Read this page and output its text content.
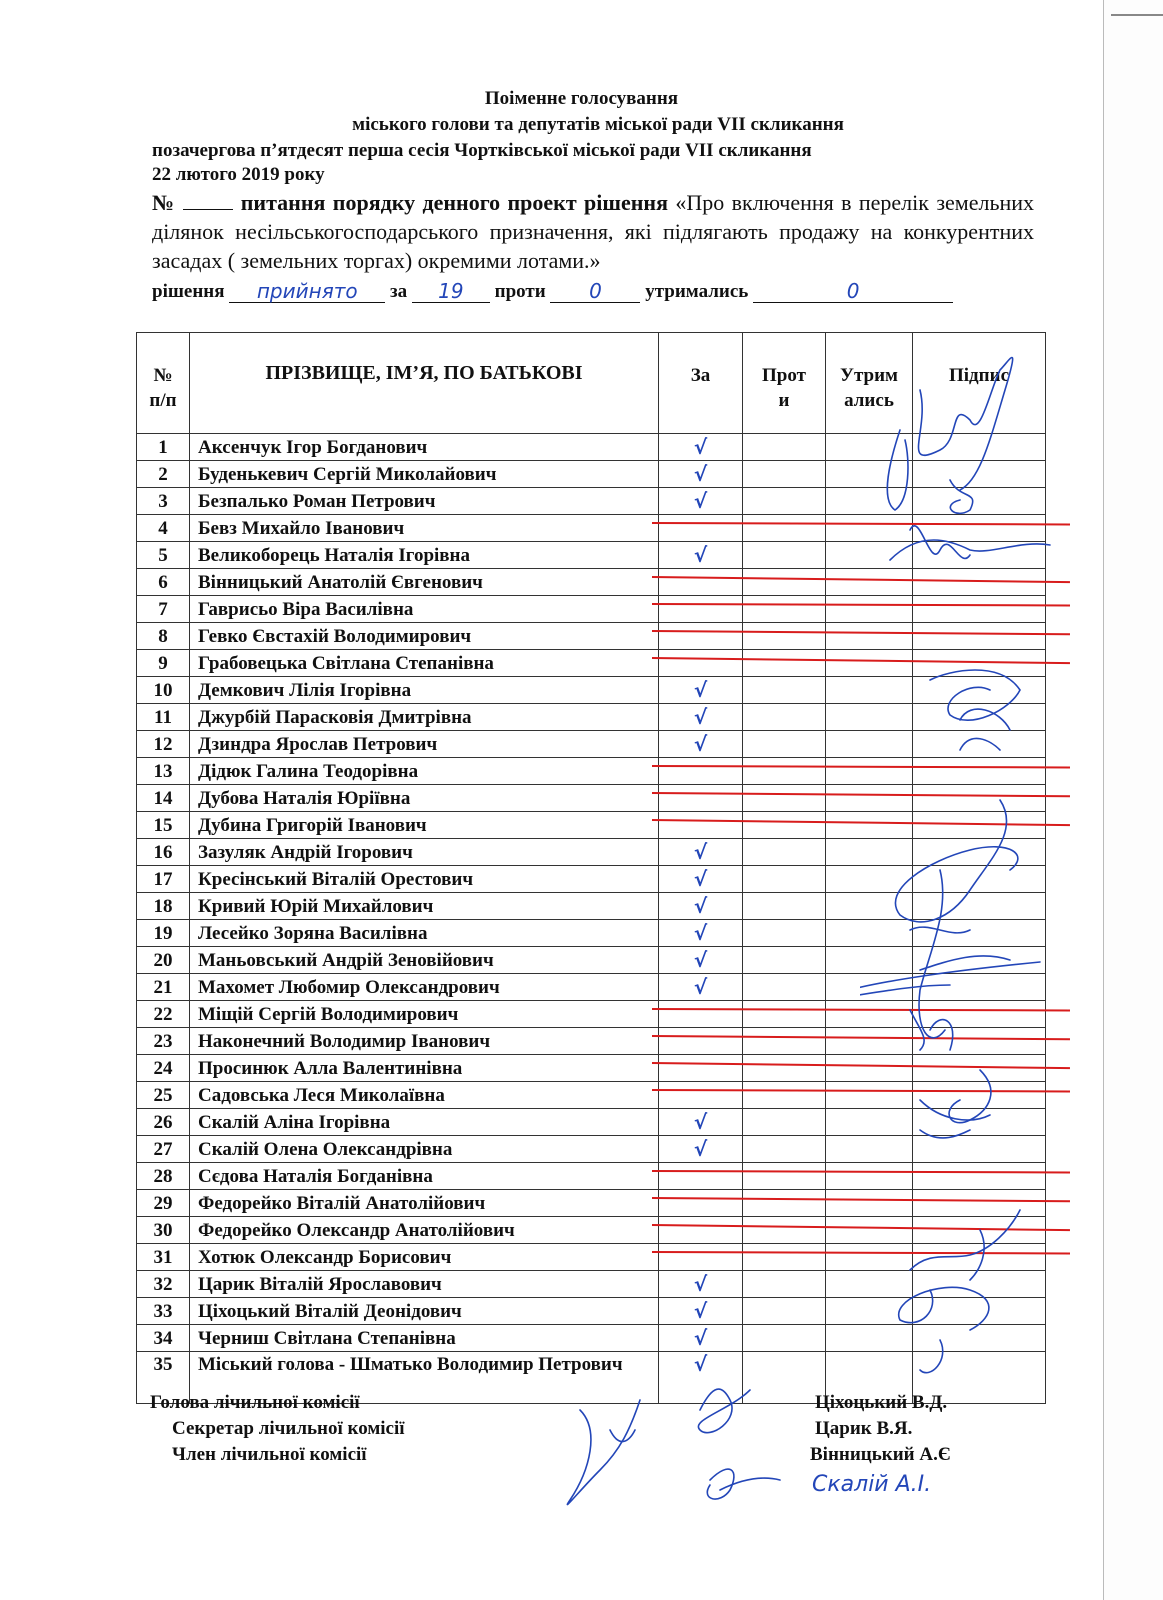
Поіменне голосування
міського голови та депутатів міської ради VII скликання
позачергова п’ятдесят перша сесія Чортківської міської ради VII скликання
22 лютого 2019 року
№	питання порядку денного проект рішення «Про включення в перелік земельних ділянок несільськогосподарського призначення, які підлягають продажу на конкурентних засадах ( земельних торгах) окремими лотами.»
рішення прийнято за 19 проти 0 утримались	0
№ п/п	ПРІЗВИЩЕ, ІМ’Я, ПО БАТЬКОВІ	За	Проти	Утримались	Підпис
1	Аксенчук Ігор Богданович	√			
2	Буденькевич Сергій Миколайович	√			
3	Безпалько Роман Петрович	√			
4	Бевз Михайло Іванович				
5	Великоборець Наталія Ігорівна	√			
6	Вінницький Анатолій Євгенович				
7	Гаврисьо Віра Василівна				
8	Гевко Євстахій Володимирович				
9	Грабовецька Світлана Степанівна				
10	Демкович Лілія Ігорівна	√			
11	Джурбій Парасковія Дмитрівна	√			
12	Дзиндра Ярослав Петрович	√			
13	Дідюк Галина Теодорівна				
14	Дубова Наталія Юріївна				
15	Дубина Григорій Іванович				
16	Зазуляк Андрій Ігорович	√			
17	Кресінський Віталій Орестович	√			
18	Кривий Юрій Михайлович	√			
19	Лесейко Зоряна Василівна	√			
20	Маньовський Андрій Зеновійович	√			
21	Махомет Любомир Олександрович	√			
22	Міщій Сергій Володимирович				
23	Наконечний Володимир Іванович				
24	Просинюк Алла Валентинівна				
25	Садовська Леся Миколаївна				
26	Скалій Аліна Ігорівна	√			
27	Скалій Олена Олександрівна	√			
28	Сєдова Наталія Богданівна				
29	Федорейко Віталій Анатолійович				
30	Федорейко Олександр Анатолійович				
31	Хотюк Олександр Борисович				
32	Царик Віталій Ярославович	√			
33	Ціхоцький Віталій Деонідович	√			
34	Черниш Світлана Степанівна	√			
35	Міський голова - Шматько Володимир Петрович	√			
Скалій А.І.
Голова лічильної комісії
Секретар лічильної комісії
Член лічильної комісії
Ціхоцький В.Д.
Царик В.Я.
Вінницький А.Є
